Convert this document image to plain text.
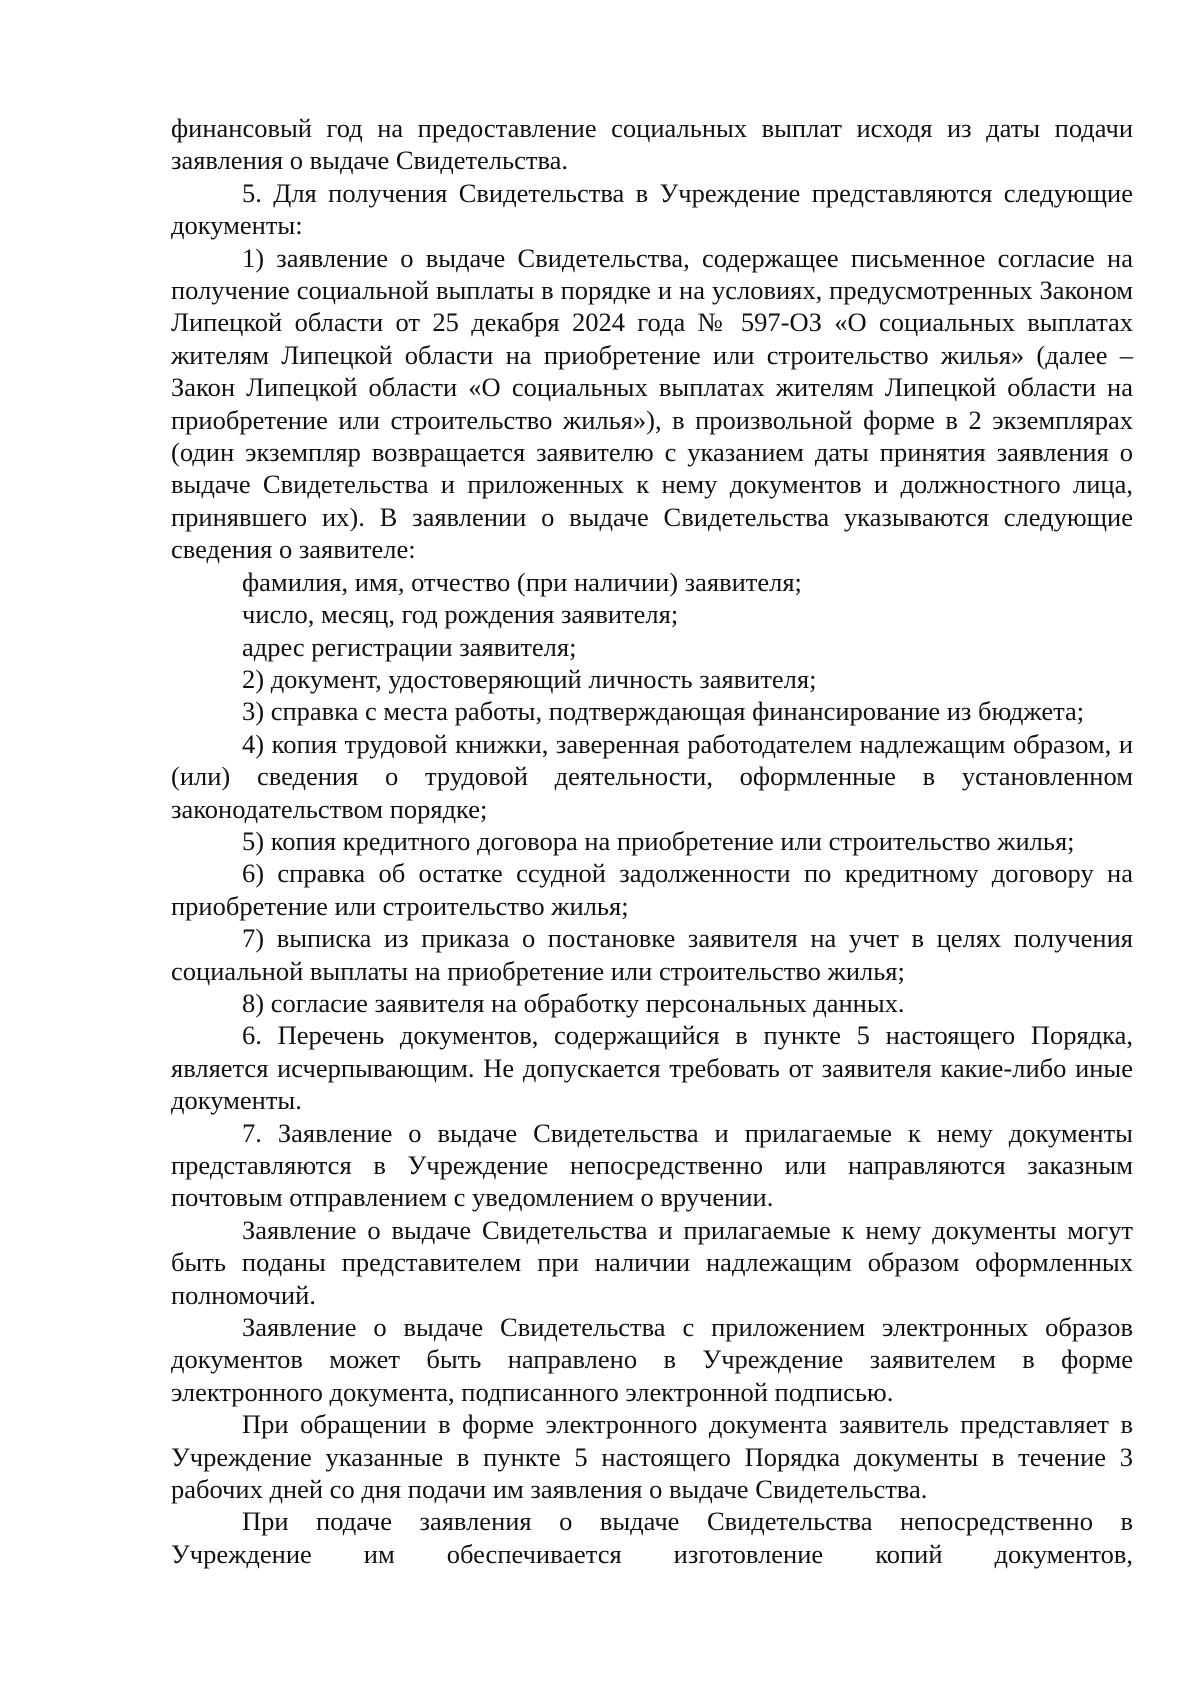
финансовый год на предоставление социальных выплат исходя из даты подачи заявления о выдаче Свидетельства.

5. Для получения Свидетельства в Учреждение представляются следующие документы:

1) заявление о выдаче Свидетельства, содержащее письменное согласие на получение социальной выплаты в порядке и на условиях, предусмотренных Законом Липецкой области от 25 декабря 2024 года № 597-ОЗ «О социальных выплатах жителям Липецкой области на приобретение или строительство жилья» (далее – Закон Липецкой области «О социальных выплатах жителям Липецкой области на приобретение или строительство жилья»), в произвольной форме в 2 экземплярах (один экземпляр возвращается заявителю с указанием даты принятия заявления о выдаче Свидетельства и приложенных к нему документов и должностного лица, принявшего их). В заявлении о выдаче Свидетельства указываются следующие сведения о заявителе:

фамилия, имя, отчество (при наличии) заявителя;

число, месяц, год рождения заявителя;

адрес регистрации заявителя;

2) документ, удостоверяющий личность заявителя;

3) справка с места работы, подтверждающая финансирование из бюджета;

4) копия трудовой книжки, заверенная работодателем надлежащим образом, и (или) сведения о трудовой деятельности, оформленные в установленном законодательством порядке;

5) копия кредитного договора на приобретение или строительство жилья;

6) справка об остатке ссудной задолженности по кредитному договору на приобретение или строительство жилья;

7) выписка из приказа о постановке заявителя на учет в целях получения социальной выплаты на приобретение или строительство жилья;

8) согласие заявителя на обработку персональных данных.

6. Перечень документов, содержащийся в пункте 5 настоящего Порядка, является исчерпывающим. Не допускается требовать от заявителя какие-либо иные документы.

7. Заявление о выдаче Свидетельства и прилагаемые к нему документы представляются в Учреждение непосредственно или направляются заказным почтовым отправлением с уведомлением о вручении.

Заявление о выдаче Свидетельства и прилагаемые к нему документы могут быть поданы представителем при наличии надлежащим образом оформленных полномочий.

Заявление о выдаче Свидетельства с приложением электронных образов документов может быть направлено в Учреждение заявителем в форме электронного документа, подписанного электронной подписью.

При обращении в форме электронного документа заявитель представляет в Учреждение указанные в пункте 5 настоящего Порядка документы в течение 3 рабочих дней со дня подачи им заявления о выдаче Свидетельства.

При подаче заявления о выдаче Свидетельства непосредственно в Учреждение им обеспечивается изготовление копий документов,
